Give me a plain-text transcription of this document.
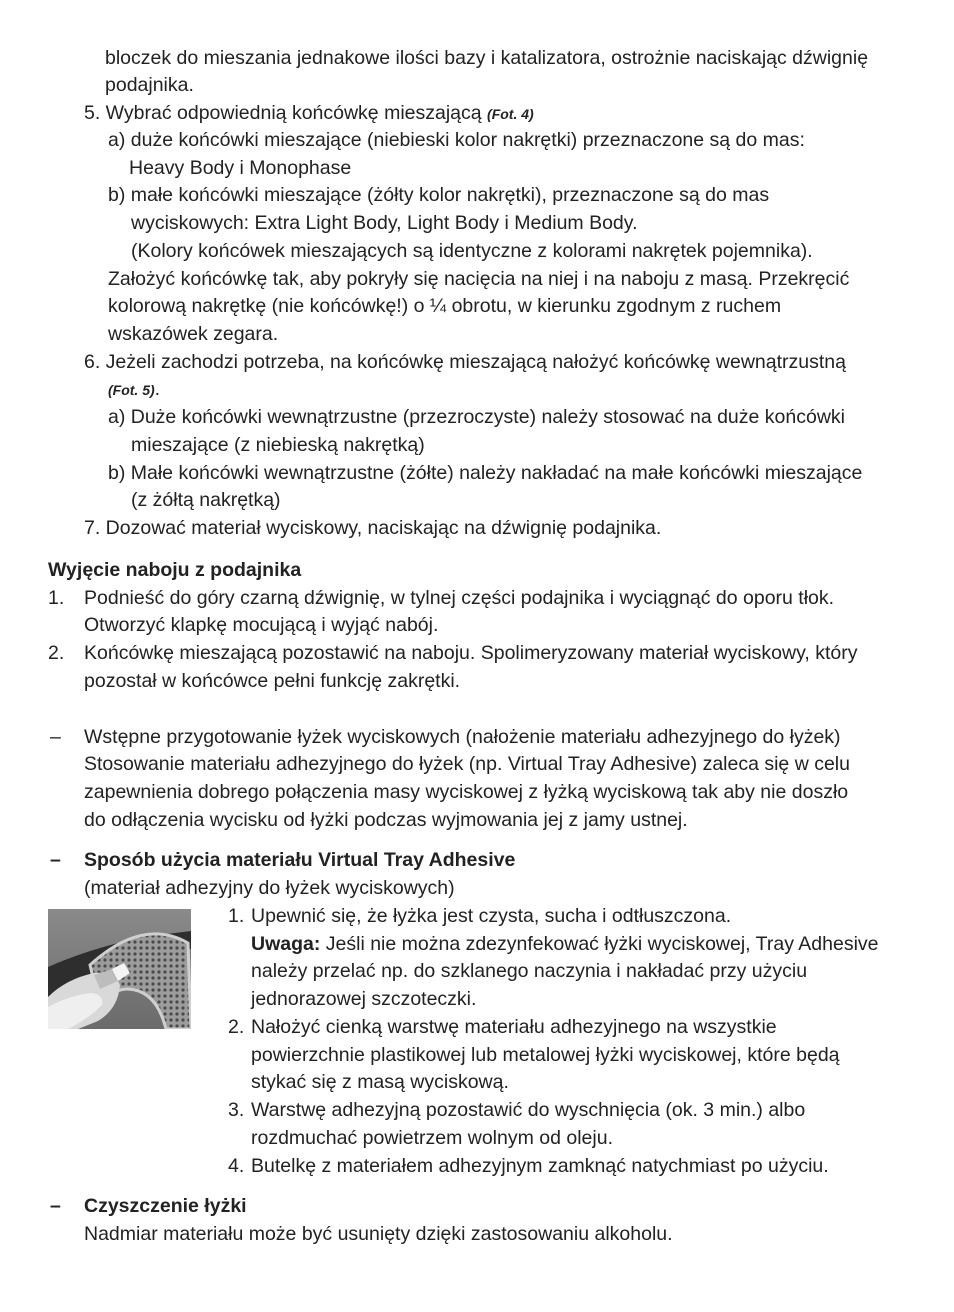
bloczek do mieszania jednakowe ilości bazy i katalizatora, ostrożnie naciskając dźwignię
podajnika.
5. Wybrać odpowiednią końcówkę mieszającą (Fot. 4)
a) duże końcówki mieszające (niebieski kolor nakrętki) przeznaczone są do mas:
Heavy Body i Monophase
b) małe końcówki mieszające (żółty kolor nakrętki), przeznaczone są do mas
wyciskowych: Extra Light Body, Light Body i Medium Body.
(Kolory końcówek mieszających są identyczne z kolorami nakrętek pojemnika).
Założyć końcówkę tak, aby pokryły się nacięcia na niej i na naboju z masą. Przekręcić
kolorową nakrętkę (nie końcówkę!) o ¼ obrotu, w kierunku zgodnym z ruchem
wskazówek zegara.
6. Jeżeli zachodzi potrzeba, na końcówkę mieszającą nałożyć końcówkę wewnątrzustną
(Fot. 5).
a) Duże końcówki wewnątrzustne (przezroczyste) należy stosować na duże końcówki
mieszające (z niebieską nakrętką)
b) Małe końcówki wewnątrzustne (żółte) należy nakładać na małe końcówki mieszające
(z żółtą nakrętką)
7. Dozować materiał wyciskowy, naciskając na dźwignię podajnika.
Wyjęcie naboju z podajnika
1. Podnieść do góry czarną dźwignię, w tylnej części podajnika i wyciągnąć do oporu tłok.
Otworzyć klapkę mocującą i wyjąć nabój.
2. Końcówkę mieszającą pozostawić na naboju. Spolimeryzowany materiał wyciskowy, który
pozostał w końcówce pełni funkcję zakrętki.
– Wstępne przygotowanie łyżek wyciskowych (nałożenie materiału adhezyjnego do łyżek)
Stosowanie materiału adhezyjnego do łyżek (np. Virtual Tray Adhesive) zaleca się w celu
zapewnienia dobrego połączenia masy wyciskowej z łyżką wyciskową tak aby nie doszło
do odłączenia wycisku od łyżki podczas wyjmowania jej z jamy ustnej.
– Sposób użycia materiału Virtual Tray Adhesive
(materiał adhezyjny do łyżek wyciskowych)
1. Upewnić się, że łyżka jest czysta, sucha i odtłuszczona.
Uwaga: Jeśli nie można zdezynfekować łyżki wyciskowej, Tray Adhesive
należy przelać np. do szklanego naczynia i nakładać przy użyciu
jednorazowej szczoteczki.
2. Nałożyć cienką warstwę materiału adhezyjnego na wszystkie
powierzchnie plastikowej lub metalowej łyżki wyciskowej, które będą
stykać się z masą wyciskową.
3. Warstwę adhezyjną pozostawić do wyschnięcia (ok. 3 min.) albo
rozdmuchać powietrzem wolnym od oleju.
4. Butelkę z materiałem adhezyjnym zamknąć natychmiast po użyciu.
– Czyszczenie łyżki
Nadmiar materiału może być usunięty dzięki zastosowaniu alkoholu.
